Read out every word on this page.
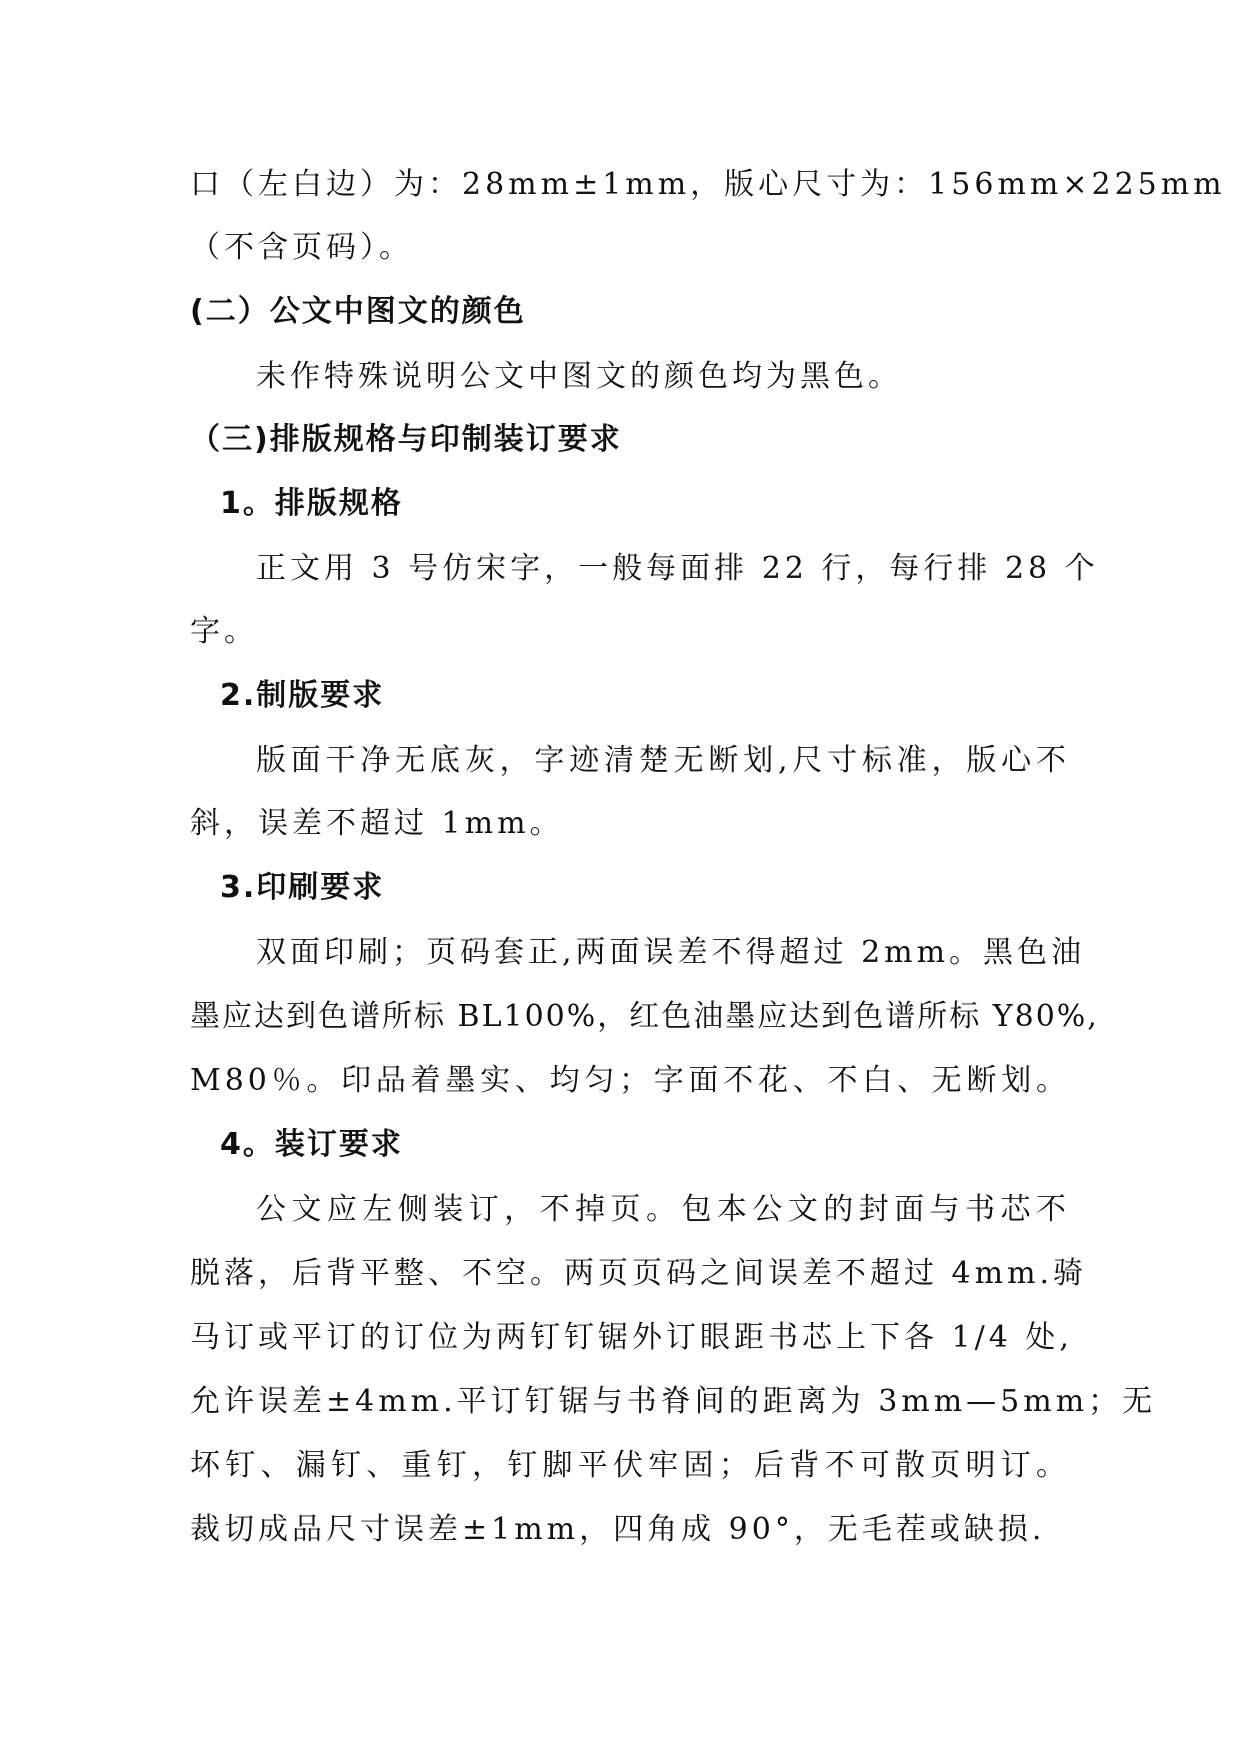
口（左白边）为：28mm±1mm，版心尺寸为：156mm×225mm
（不含页码）。
(二）公文中图文的颜色
未作特殊说明公文中图文的颜色均为黑色。
（三)排版规格与印制装订要求
1。排版规格
正文用 3 号仿宋字，一般每面排 22 行，每行排 28 个
字。
2.制版要求
版面干净无底灰，字迹清楚无断划,尺寸标准，版心不
斜，误差不超过 1mm。
3.印刷要求
双面印刷；页码套正,两面误差不得超过 2mm。黑色油
墨应达到色谱所标 BL100%，红色油墨应达到色谱所标 Y80%,
M80％。印品着墨实、均匀；字面不花、不白、无断划。
4。装订要求
公文应左侧装订，不掉页。包本公文的封面与书芯不
脱落，后背平整、不空。两页页码之间误差不超过 4mm.骑
马订或平订的订位为两钉钉锯外订眼距书芯上下各 1/4 处,
允许误差±4mm.平订钉锯与书脊间的距离为 3mm—5mm；无
坏钉、漏钉、重钉，钉脚平伏牢固；后背不可散页明订。
裁切成品尺寸误差±1mm，四角成 90°，无毛茬或缺损.
